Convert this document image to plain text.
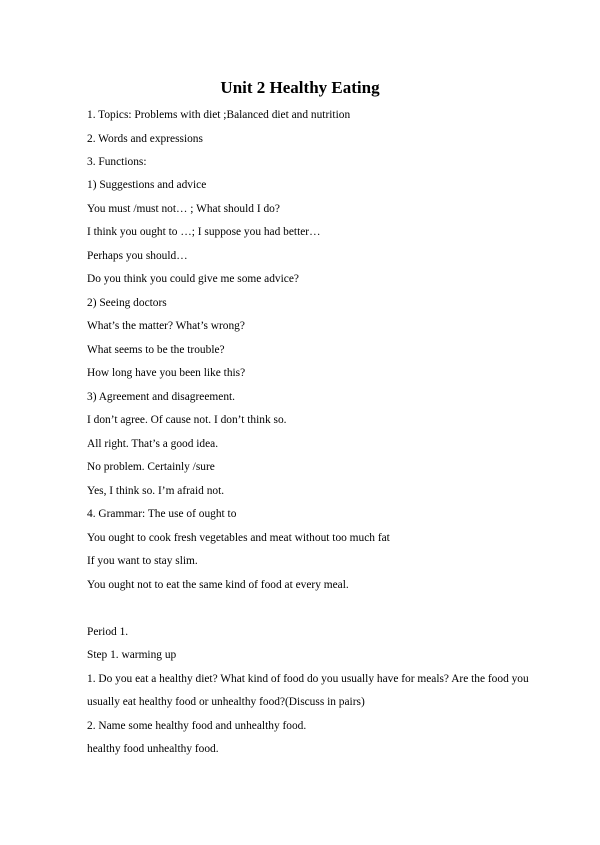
Unit 2 Healthy Eating
1. Topics: Problems with diet ;Balanced diet and nutrition
2. Words and expressions
3. Functions:
1) Suggestions and advice
You must /must not… ; What should I do?
I think you ought to …; I suppose you had better…
Perhaps you should…
Do you think you could give me some advice?
2) Seeing doctors
What’s the matter? What’s wrong?
What seems to be the trouble?
How long have you been like this?
3) Agreement and disagreement.
I don’t agree. Of cause not. I don’t think so.
All right. That’s a good idea.
No problem. Certainly /sure
Yes, I think so. I’m afraid not.
4. Grammar: The use of ought to
You ought to cook fresh vegetables and meat without too much fat
If you want to stay slim.
You ought not to eat the same kind of food at every meal.
Period 1.
Step 1. warming up
1. Do you eat a healthy diet? What kind of food do you usually have for meals? Are the food you
usually eat healthy food or unhealthy food?(Discuss in pairs)
2. Name some healthy food and unhealthy food.
healthy food unhealthy food.
